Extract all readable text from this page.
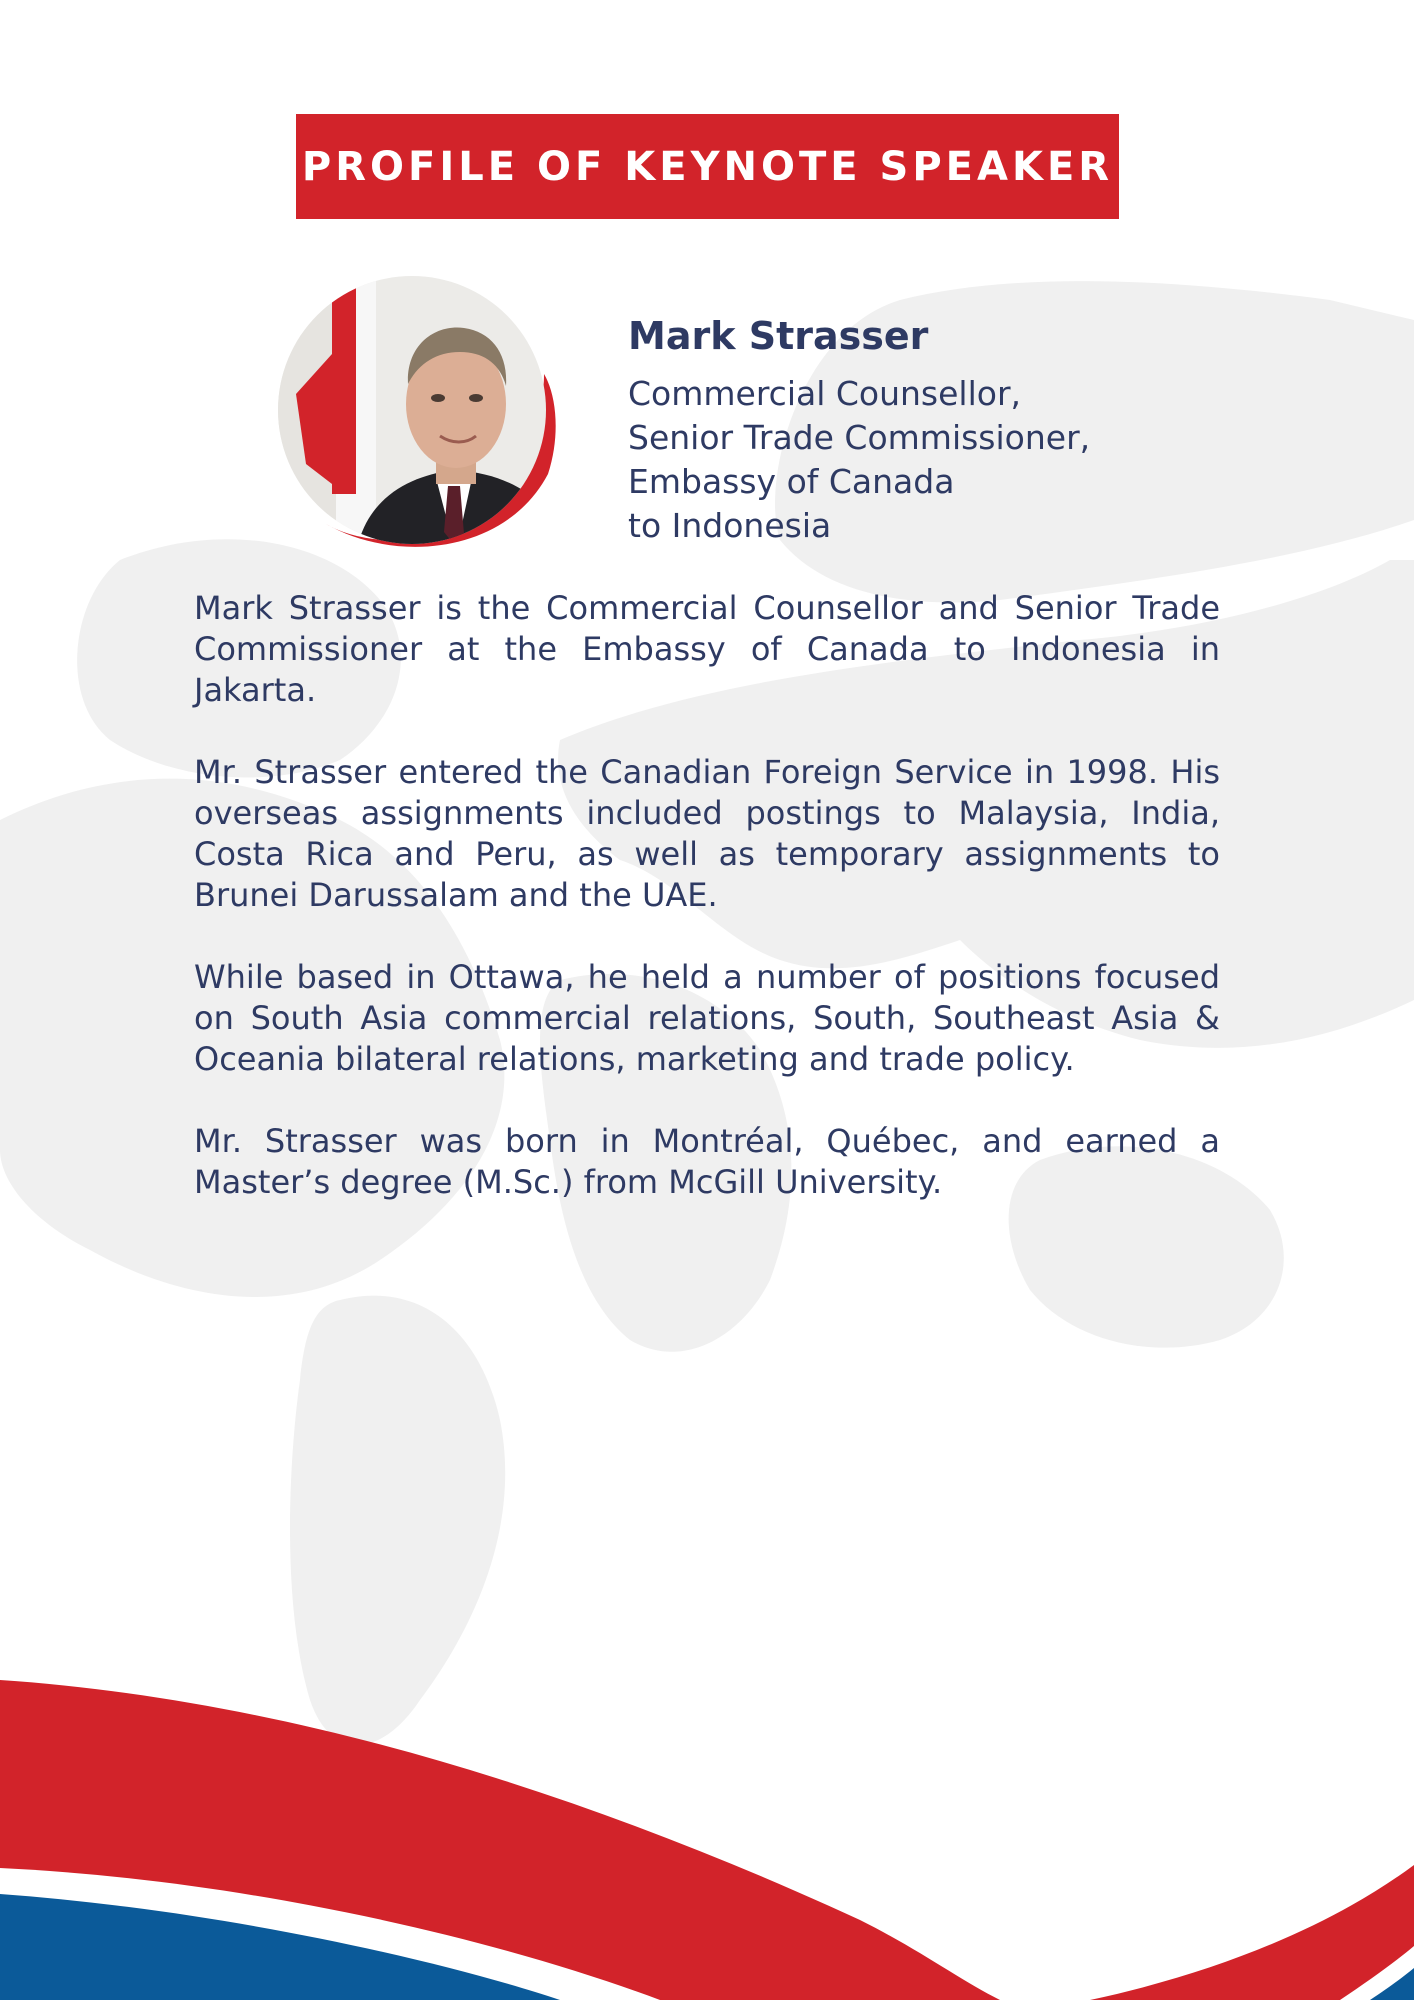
PROFILE OF KEYNOTE SPEAKER
Mark Strasser
Commercial Counsellor,
Senior Trade Commissioner,
Embassy of Canada
to Indonesia

Mark Strasser is the Commercial Counsellor and Senior Trade Commissioner at the Embassy of Canada to Indonesia in Jakarta.

Mr. Strasser entered the Canadian Foreign Service in 1998. His overseas assignments included postings to Malaysia, India, Costa Rica and Peru, as well as temporary assignments to Brunei Darussalam and the UAE.

While based in Ottawa, he held a number of positions focused on South Asia commercial relations, South, Southeast Asia & Oceania bilateral relations, marketing and trade policy.

Mr. Strasser was born in Montréal, Québec, and earned a Master’s degree (M.Sc.) from McGill University.
